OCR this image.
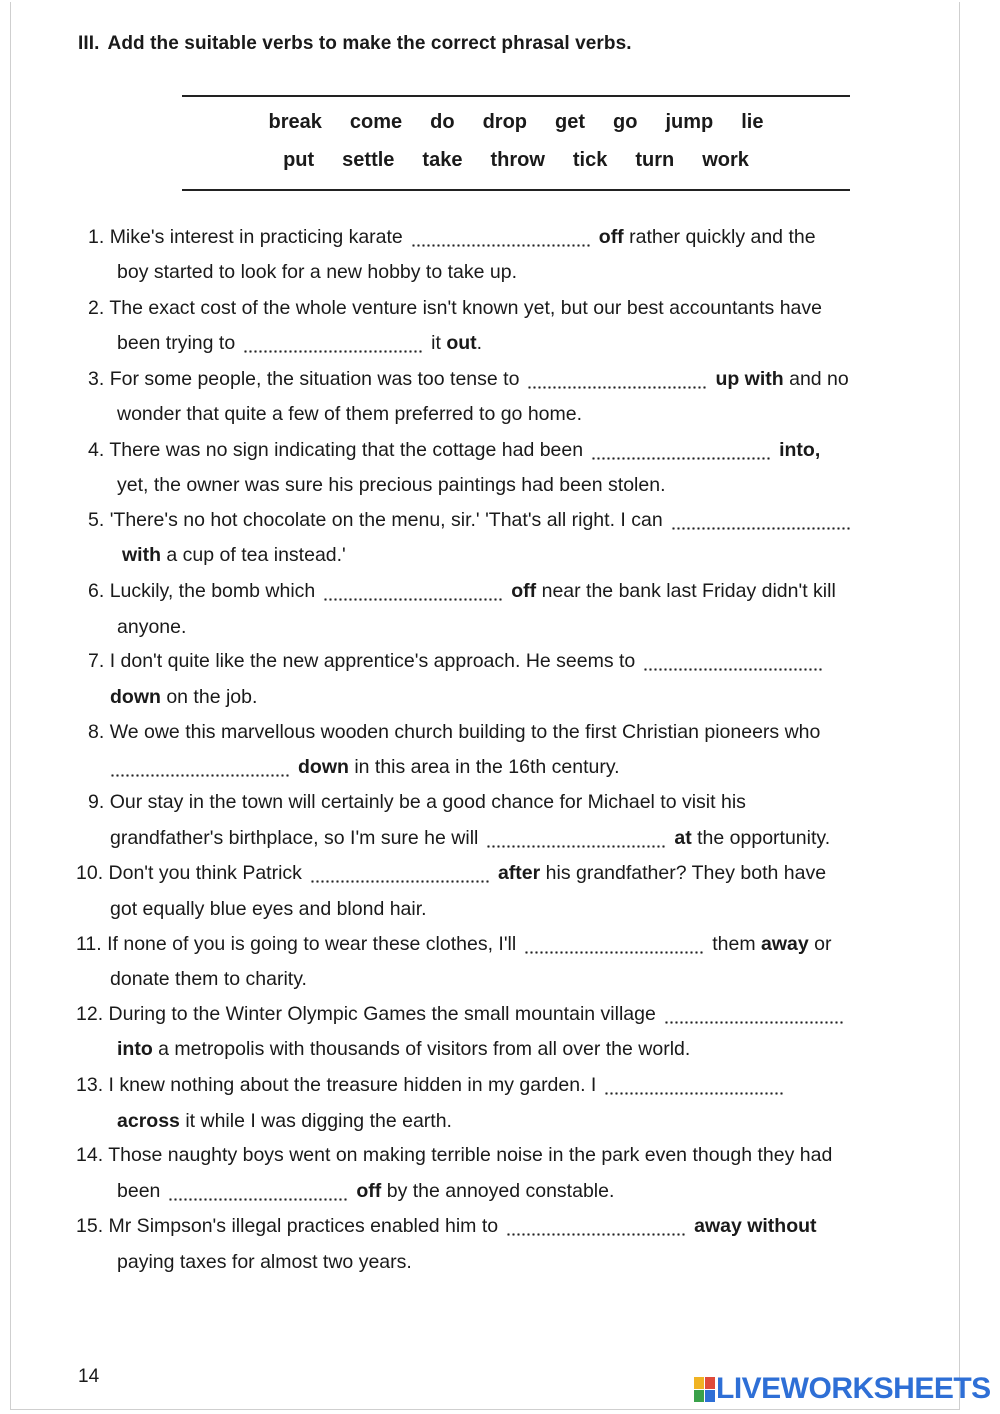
III. Add the suitable verbs to make the correct phrasal verbs.
break come do drop get go jump lie
put settle take throw tick turn work
1. Mike's interest in practicing karate	off rather quickly and the
boy started to look for a new hobby to take up.
2. The exact cost of the whole venture isn't known yet, but our best accountants have
been trying to	it out.
3. For some people, the situation was too tense to	up with and no
wonder that quite a few of them preferred to go home.
4. There was no sign indicating that the cottage had been	into,
yet, the owner was sure his precious paintings had been stolen.
5. 'There's no hot chocolate on the menu, sir.' 'That's all right. I can
with a cup of tea instead.'
6. Luckily, the bomb which	off near the bank last Friday didn't kill
anyone.
7. I don't quite like the new apprentice's approach. He seems to
down on the job.
8. We owe this marvellous wooden church building to the first Christian pioneers who
down in this area in the 16th century.
9. Our stay in the town will certainly be a good chance for Michael to visit his
grandfather's birthplace, so I'm sure he will	at the opportunity.
10. Don't you think Patrick	after his grandfather? They both have
got equally blue eyes and blond hair.
11. If none of you is going to wear these clothes, I'll	them away or
donate them to charity.
12. During to the Winter Olympic Games the small mountain village
into a metropolis with thousands of visitors from all over the world.
13. I knew nothing about the treasure hidden in my garden. I
across it while I was digging the earth.
14. Those naughty boys went on making terrible noise in the park even though they had
been	off by the annoyed constable.
15. Mr Simpson's illegal practices enabled him to	away without
paying taxes for almost two years.
14	LIVEWORKSHEETS
